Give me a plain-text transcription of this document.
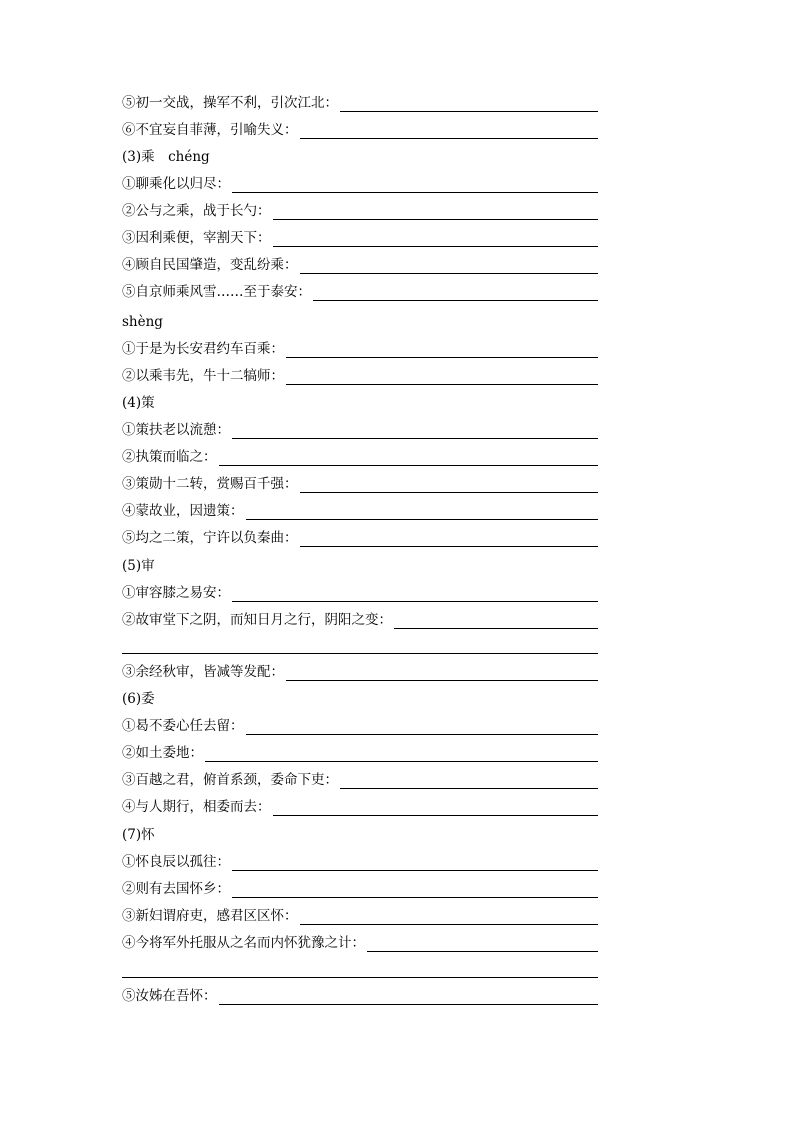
⑤初一交战，操军不利，引次江北：
⑥不宜妄自菲薄，引喻失义：
(3)乘　chéng
①聊乘化以归尽：
②公与之乘，战于长勺：
③因利乘便，宰割天下：
④顾自民国肇造，变乱纷乘：
⑤自京师乘风雪……至于泰安：
shèng
①于是为长安君约车百乘：
②以乘韦先，牛十二犒师：
(4)策
①策扶老以流憩：
②执策而临之：
③策勋十二转，赏赐百千强：
④蒙故业，因遗策：
⑤均之二策，宁许以负秦曲：
(5)审
①审容膝之易安：
②故审堂下之阴，而知日月之行，阴阳之变：
③余经秋审，皆减等发配：
(6)委
①曷不委心任去留：
②如土委地：
③百越之君，俯首系颈，委命下吏：
④与人期行，相委而去：
(7)怀
①怀良辰以孤往：
②则有去国怀乡：
③新妇谓府吏，感君区区怀：
④今将军外托服从之名而内怀犹豫之计：
⑤汝姊在吾怀：
